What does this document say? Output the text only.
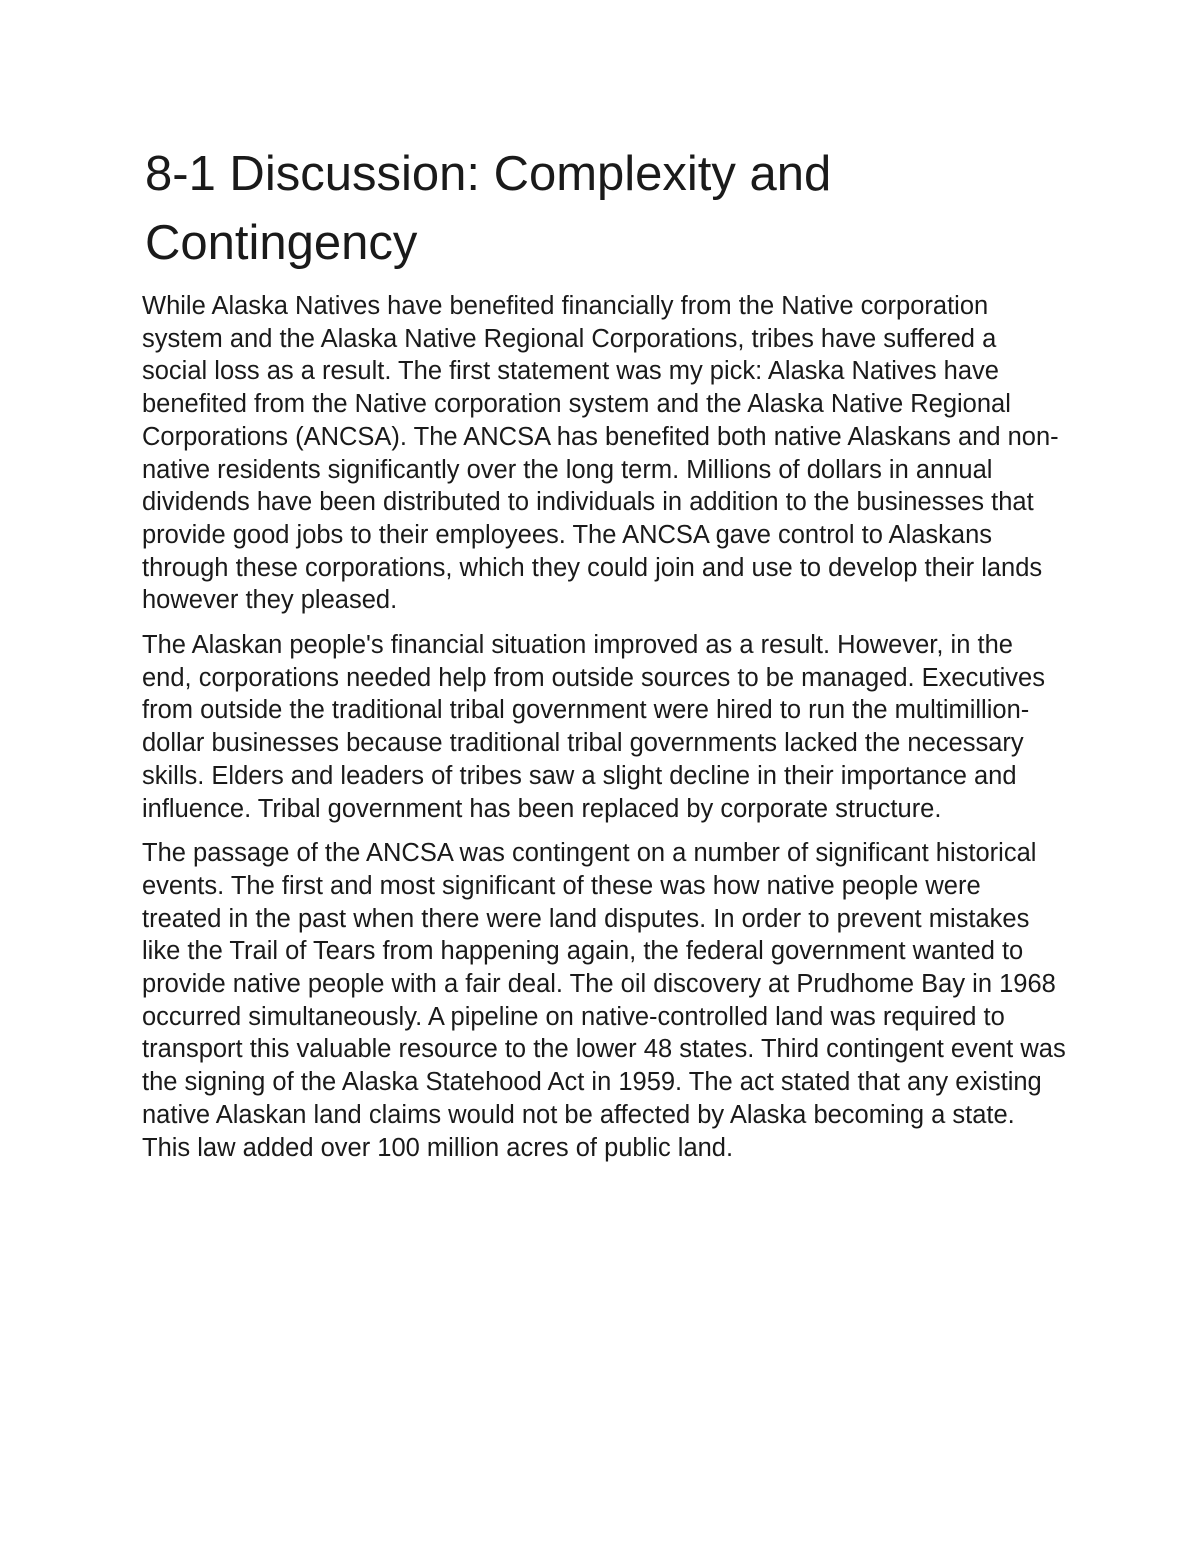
8-1 Discussion: Complexity and Contingency

While Alaska Natives have benefited financially from the Native corporation system and the Alaska Native Regional Corporations, tribes have suffered a social loss as a result. The first statement was my pick: Alaska Natives have benefited from the Native corporation system and the Alaska Native Regional Corporations (ANCSA). The ANCSA has benefited both native Alaskans and non-native residents significantly over the long term. Millions of dollars in annual dividends have been distributed to individuals in addition to the businesses that provide good jobs to their employees. The ANCSA gave control to Alaskans through these corporations, which they could join and use to develop their lands however they pleased.

The Alaskan people's financial situation improved as a result. However, in the end, corporations needed help from outside sources to be managed. Executives from outside the traditional tribal government were hired to run the multimillion-dollar businesses because traditional tribal governments lacked the necessary skills. Elders and leaders of tribes saw a slight decline in their importance and influence. Tribal government has been replaced by corporate structure.

The passage of the ANCSA was contingent on a number of significant historical events. The first and most significant of these was how native people were treated in the past when there were land disputes. In order to prevent mistakes like the Trail of Tears from happening again, the federal government wanted to provide native people with a fair deal. The oil discovery at Prudhome Bay in 1968 occurred simultaneously. A pipeline on native-controlled land was required to transport this valuable resource to the lower 48 states. Third contingent event was the signing of the Alaska Statehood Act in 1959. The act stated that any existing native Alaskan land claims would not be affected by Alaska becoming a state. This law added over 100 million acres of public land.
